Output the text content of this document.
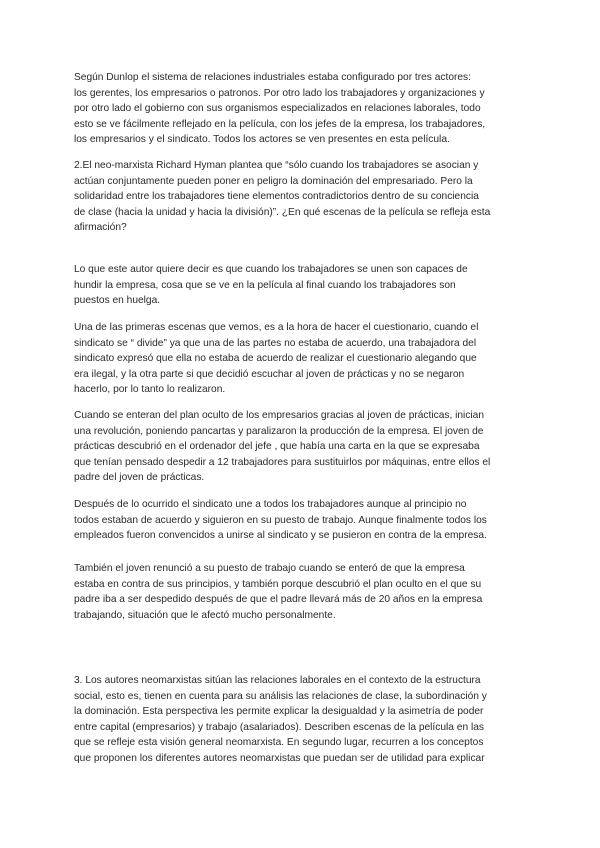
Según Dunlop el sistema de relaciones industriales estaba configurado por tres actores:
los gerentes, los empresarios o patronos. Por otro lado los trabajadores y organizaciones y
por otro lado el gobierno con sus organismos especializados en relaciones laborales, todo
esto se ve fácilmente reflejado en la película, con los jefes de la empresa, los trabajadores,
los empresarios y el sindicato. Todos los actores se ven presentes en esta película.

2.El neo-marxista Richard Hyman plantea que “sólo cuando los trabajadores se asocian y
actúan conjuntamente pueden poner en peligro la dominación del empresariado. Pero la
solidaridad entre los trabajadores tiene elementos contradictorios dentro de su conciencia
de clase (hacia la unidad y hacia la división)”. ¿En qué escenas de la película se refleja esta
afirmación?

Lo que este autor quiere decir es que cuando los trabajadores se unen son capaces de
hundir la empresa, cosa que se ve en la película al final cuando los trabajadores son
puestos en huelga.

Una de las primeras escenas que vemos, es a la hora de hacer el cuestionario, cuando el
sindicato se “ divide” ya que una de las partes no estaba de acuerdo, una trabajadora del
sindicato expresó que ella no estaba de acuerdo de realizar el cuestionario alegando que
era ilegal, y la otra parte si que decidió escuchar al joven de prácticas y no se negaron
hacerlo, por lo tanto lo realizaron.

Cuando se enteran del plan oculto de los empresarios gracias al joven de prácticas, inician
una revolución, poniendo pancartas y paralizaron la producción de la empresa. El joven de
prácticas descubrió en el ordenador del jefe , que había una carta en la que se expresaba
que tenían pensado despedir a 12 trabajadores para sustituirlos por máquinas, entre ellos el
padre del joven de prácticas.

Después de lo ocurrido el sindicato une a todos los trabajadores aunque al principio no
todos estaban de acuerdo y siguieron en su puesto de trabajo. Aunque finalmente todos los
empleados fueron convencidos a unirse al sindicato y se pusieron en contra de la empresa.

También el joven renunció a su puesto de trabajo cuando se enteró de que la empresa
estaba en contra de sus principios, y también porque descubrió el plan oculto en el que su
padre iba a ser despedido después de que el padre llevará más de 20 años en la empresa
trabajando, situación que le afectó mucho personalmente.

3. Los autores neomarxistas sitúan las relaciones laborales en el contexto de la estructura
social, esto es, tienen en cuenta para su análisis las relaciones de clase, la subordinación y
la dominación. Esta perspectiva les permite explicar la desigualdad y la asimetría de poder
entre capital (empresarios) y trabajo (asalariados). Describen escenas de la película en las
que se refleje esta visión general neomarxista. En segundo lugar, recurren a los conceptos
que proponen los diferentes autores neomarxistas que puedan ser de utilidad para explicar
